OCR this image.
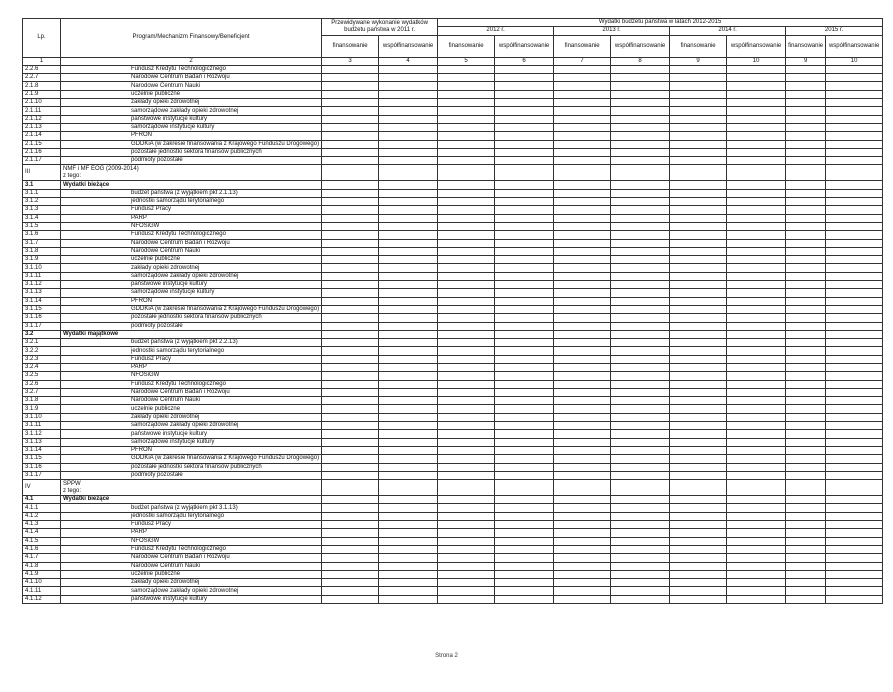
Lp.	Program/Mechanizm Finansowy/Beneficjent	Przewidywane wykonanie wydatków budżetu państwa w 2011 r.		Wydatki budżetu państwa w latach 2012-2015							
				2012 r.		2013 r.		2014 r.		2015 r.	
		finansowanie	współfinansowanie	finansowanie	współfinansowanie	finansowanie	współfinansowanie	finansowanie	współfinansowanie	finansowanie	współfinansowanie
1	2	3	4	5	6	7	8	9	10	9	10
2.2.6	Fundusz Kredytu Technologicznego										
2.2.7	Narodowe Centrum Badań i Rozwoju										
2.1.8	Narodowe Centrum Nauki										
2.1.9	uczelnie publiczne										
2.1.10	zakłady opieki zdrowotnej										
2.1.11	samorządowe zakłady opieki zdrowotnej										
2.1.12	państwowe instytucje kultury										
2.1.13	samorządowe instytucje kultury										
2.1.14	PFRON										
2.1.15	GDDKiA (w zakresie finansowania z Krajowego Funduszu Drogowego)										
2.1.16	pozostałe jednostki sektora finansów publicznych										
2.1.17	podmioty pozostałe										
III	NMF i MF EOG (2009-2014)
z tego:										

3.1	Wydatki bieżące										
3.1.1	budżet państwa (z wyjątkiem pkt 2.1.13)										
3.1.2	jednostki samorządu terytorialnego										
3.1.3	Fundusz Pracy										
3.1.4	PARP										
3.1.5	NFOŚiGW										
3.1.6	Fundusz Kredytu Technologicznego										
3.1.7	Narodowe Centrum Badań i Rozwoju										
3.1.8	Narodowe Centrum Nauki										
3.1.9	uczelnie publiczne										
3.1.10	zakłady opieki zdrowotnej										
3.1.11	samorządowe zakłady opieki zdrowotnej										
3.1.12	państwowe instytucje kultury										
3.1.13	samorządowe instytucje kultury										
3.1.14	PFRON										
3.1.15	GDDKiA (w zakresie finansowania z Krajowego Funduszu Drogowego)										
3.1.16	pozostałe jednostki sektora finansów publicznych										
3.1.17	podmioty pozostałe										
3.2	Wydatki majątkowe										
3.2.1	budżet państwa (z wyjątkiem pkt 2.2.13)										
3.2.2	jednostki samorządu terytorialnego										
3.2.3	Fundusz Pracy										
3.2.4	PARP										
3.2.5	NFOŚiGW										
3.2.6	Fundusz Kredytu Technologicznego										
3.2.7	Narodowe Centrum Badań i Rozwoju										
3.1.8	Narodowe Centrum Nauki										
3.1.9	uczelnie publiczne										
3.1.10	zakłady opieki zdrowotnej										
3.1.11	samorządowe zakłady opieki zdrowotnej										
3.1.12	państwowe instytucje kultury										
3.1.13	samorządowe instytucje kultury										
3.1.14	PFRON										
3.1.15	GDDKiA (w zakresie finansowania z Krajowego Funduszu Drogowego)										
3.1.16	pozostałe jednostki sektora finansów publicznych										
3.1.17	podmioty pozostałe										
IV	SPPW
z tego:										

4.1	Wydatki bieżące										
4.1.1	budżet państwa (z wyjątkiem pkt 3.1.13)										
4.1.2	jednostki samorządu terytorialnego										
4.1.3	Fundusz Pracy										
4.1.4	PARP										
4.1.5	NFOŚiGW										
4.1.6	Fundusz Kredytu Technologicznego										
4.1.7	Narodowe Centrum Badań i Rozwoju										
4.1.8	Narodowe Centrum Nauki										
4.1.9	uczelnie publiczne										
4.1.10	zakłady opieki zdrowotnej										
4.1.11	samorządowe zakłady opieki zdrowotnej										
4.1.12	państwowe instytucje kultury										
Strona 2
